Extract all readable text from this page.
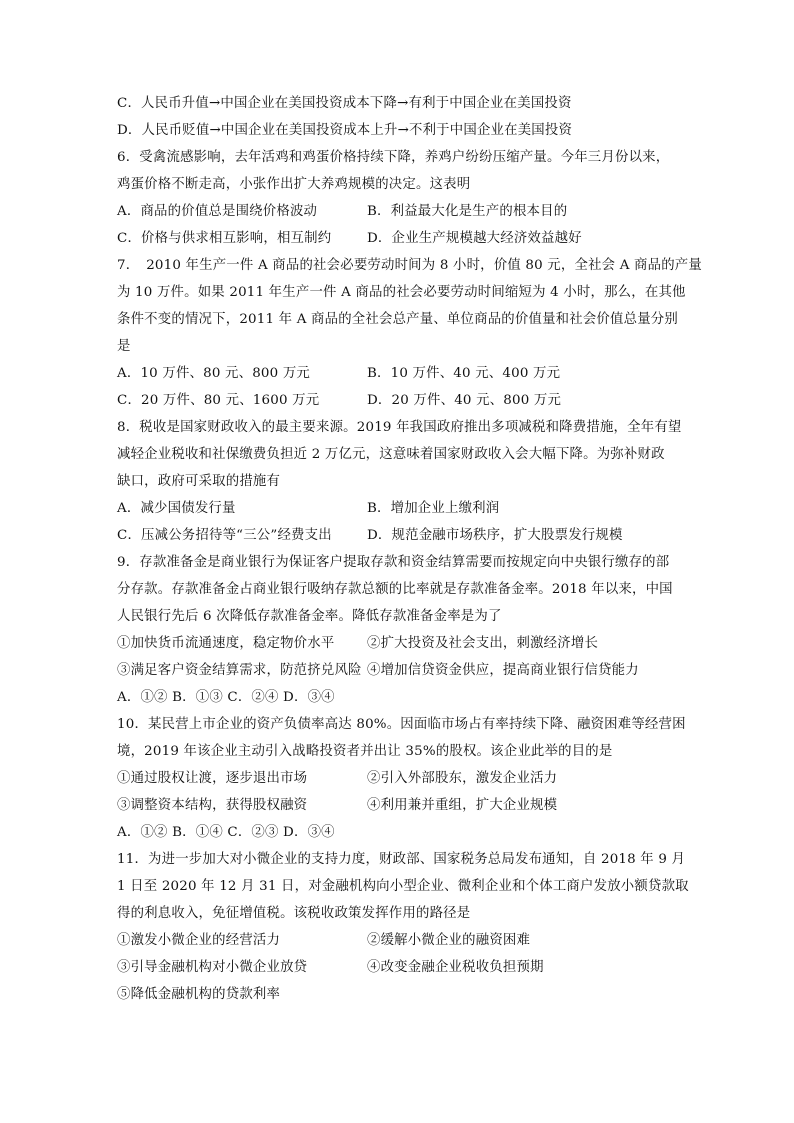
C．人民币升值→中国企业在美国投资成本下降→有利于中国企业在美国投资
D．人民币贬值→中国企业在美国投资成本上升→不利于中国企业在美国投资
6．受禽流感影响，去年活鸡和鸡蛋价格持续下降，养鸡户纷纷压缩产量。今年三月份以来，
鸡蛋价格不断走高，小张作出扩大养鸡规模的决定。这表明
A．商品的价值总是围绕价格波动	B．利益最大化是生产的根本目的
C．价格与供求相互影响，相互制约	D．企业生产规模越大经济效益越好
7．　2010 年生产一件 A 商品的社会必要劳动时间为 8 小时，价值 80 元，全社会 A 商品的产量
为 10 万件。如果 2011 年生产一件 A 商品的社会必要劳动时间缩短为 4 小时，那么，在其他
条件不变的情况下，2011 年 A 商品的全社会总产量、单位商品的价值量和社会价值总量分别
是
A．10 万件、80 元、800 万元	B．10 万件、40 元、400 万元
C．20 万件、80 元、1600 万元	D．20 万件、40 元、800 万元
8．税收是国家财政收入的最主要来源。2019 年我国政府推出多项减税和降费措施，全年有望
减轻企业税收和社保缴费负担近 2 万亿元，这意味着国家财政收入会大幅下降。为弥补财政
缺口，政府可采取的措施有
A．减少国债发行量	B．增加企业上缴利润
C．压减公务招待等“三公”经费支出	D．规范金融市场秩序，扩大股票发行规模
9．存款准备金是商业银行为保证客户提取存款和资金结算需要而按规定向中央银行缴存的部
分存款。存款准备金占商业银行吸纳存款总额的比率就是存款准备金率。2018 年以来，中国
人民银行先后 6 次降低存款准备金率。降低存款准备金率是为了
①加快货币流通速度，稳定物价水平 ②扩大投资及社会支出，刺激经济增长
③满足客户资金结算需求，防范挤兑风险 ④增加信贷资金供应，提高商业银行信贷能力
A．①② B．①③ C．②④ D．③④
10．某民营上市企业的资产负债率高达 80%。因面临市场占有率持续下降、融资困难等经营困
境，2019 年该企业主动引入战略投资者并出让 35%的股权。该企业此举的目的是
①通过股权让渡，逐步退出市场	②引入外部股东，激发企业活力
③调整资本结构，获得股权融资	④利用兼并重组，扩大企业规模
A．①② B．①④ C．②③ D．③④
11．为进一步加大对小微企业的支持力度，财政部、国家税务总局发布通知，自 2018 年 9 月
1 日至 2020 年 12 月 31 日，对金融机构向小型企业、微利企业和个体工商户发放小额贷款取
得的利息收入，免征增值税。该税收政策发挥作用的路径是
①激发小微企业的经营活力	②缓解小微企业的融资困难
③引导金融机构对小微企业放贷	④改变金融企业税收负担预期
⑤降低金融机构的贷款利率
